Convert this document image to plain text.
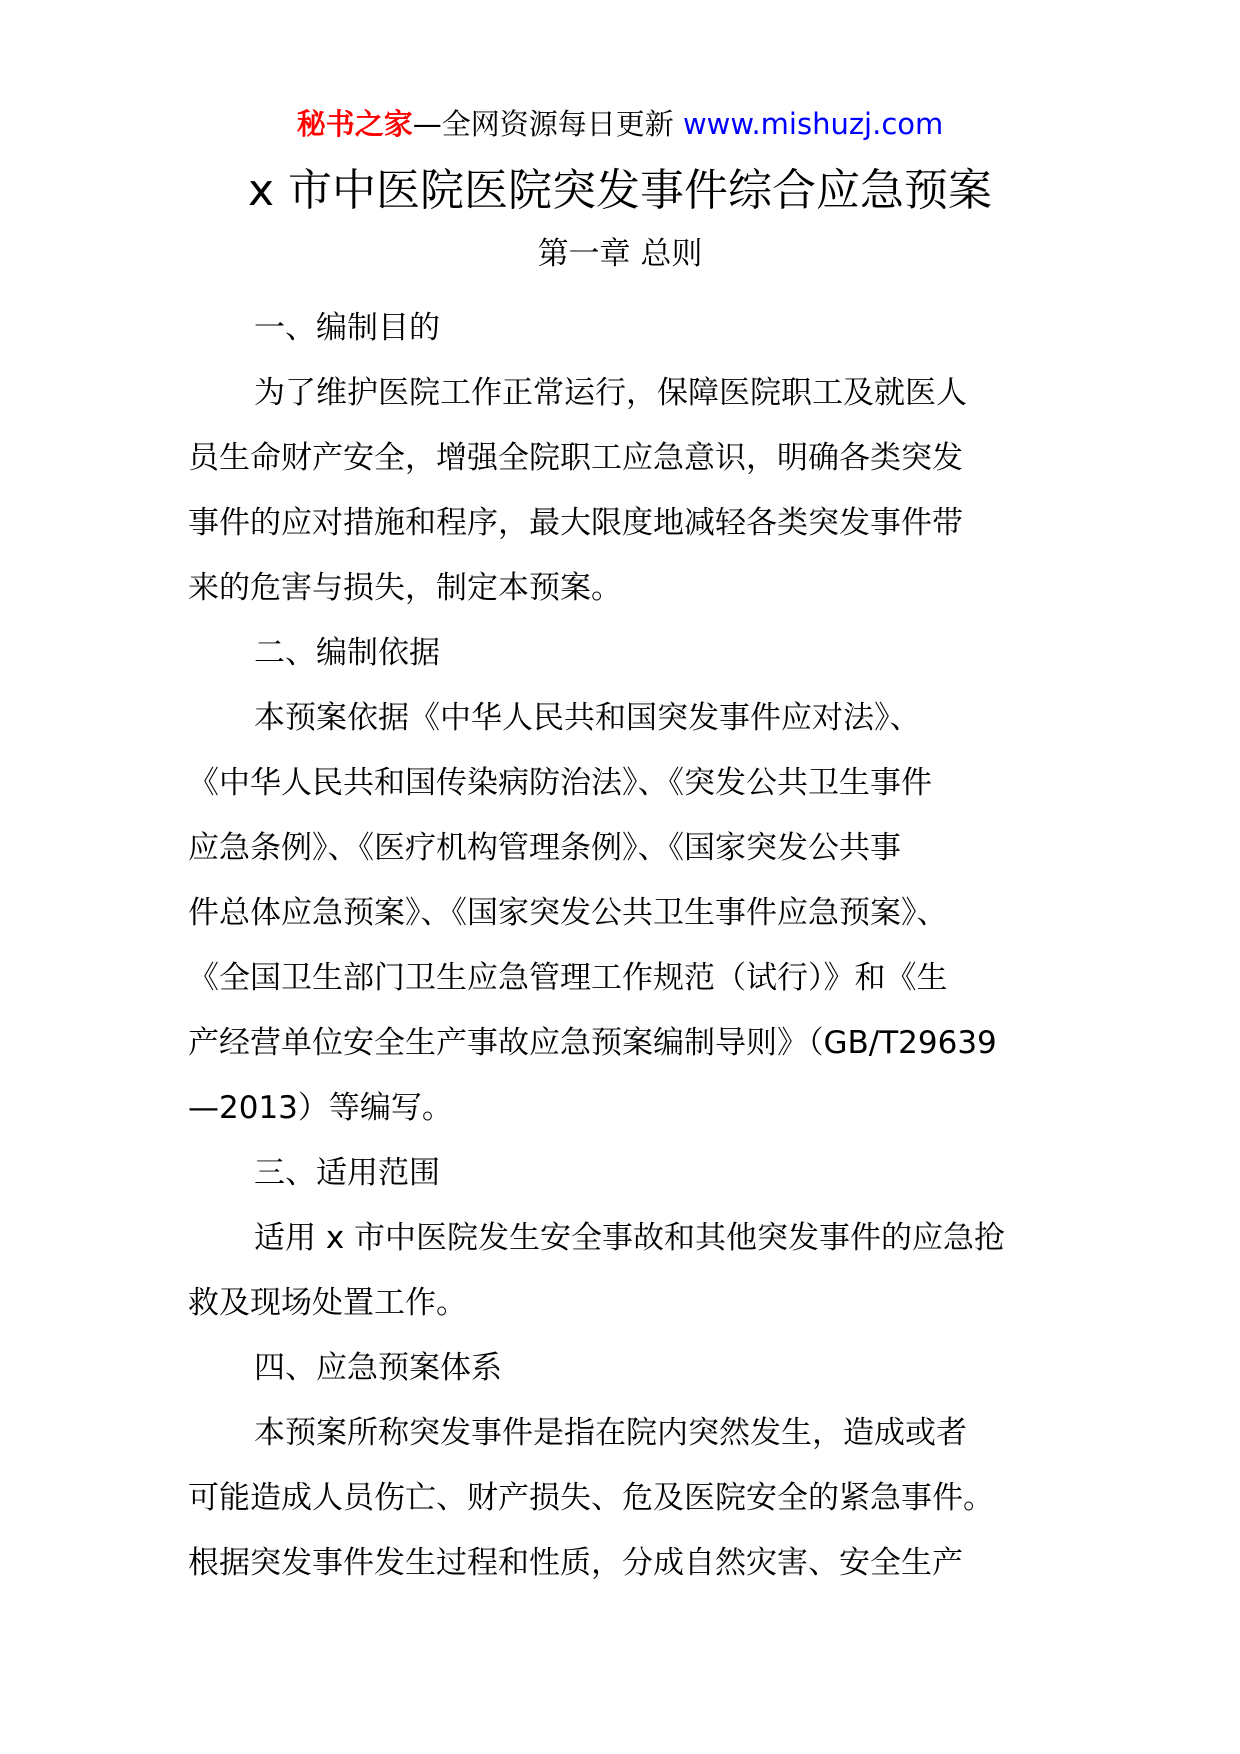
秘书之家—全网资源每日更新 www.mishuzj.com
x 市中医院医院突发事件综合应急预案
第一章 总则
一、编制目的
为了维护医院工作正常运行，保障医院职工及就医人
员生命财产安全，增强全院职工应急意识，明确各类突发
事件的应对措施和程序，最大限度地减轻各类突发事件带
来的危害与损失，制定本预案。
二、编制依据
本预案依据《中华人民共和国突发事件应对法》、
《中华人民共和国传染病防治法》、《突发公共卫生事件
应急条例》、《医疗机构管理条例》、《国家突发公共事
件总体应急预案》、《国家突发公共卫生事件应急预案》、
《全国卫生部门卫生应急管理工作规范（试行）》和《生
产经营单位安全生产事故应急预案编制导则》（GB/T29639
—2013）等编写。
三、适用范围
适用 x 市中医院发生安全事故和其他突发事件的应急抢
救及现场处置工作。
四、应急预案体系
本预案所称突发事件是指在院内突然发生，造成或者
可能造成人员伤亡、财产损失、危及医院安全的紧急事件。
根据突发事件发生过程和性质，分成自然灾害、安全生产
